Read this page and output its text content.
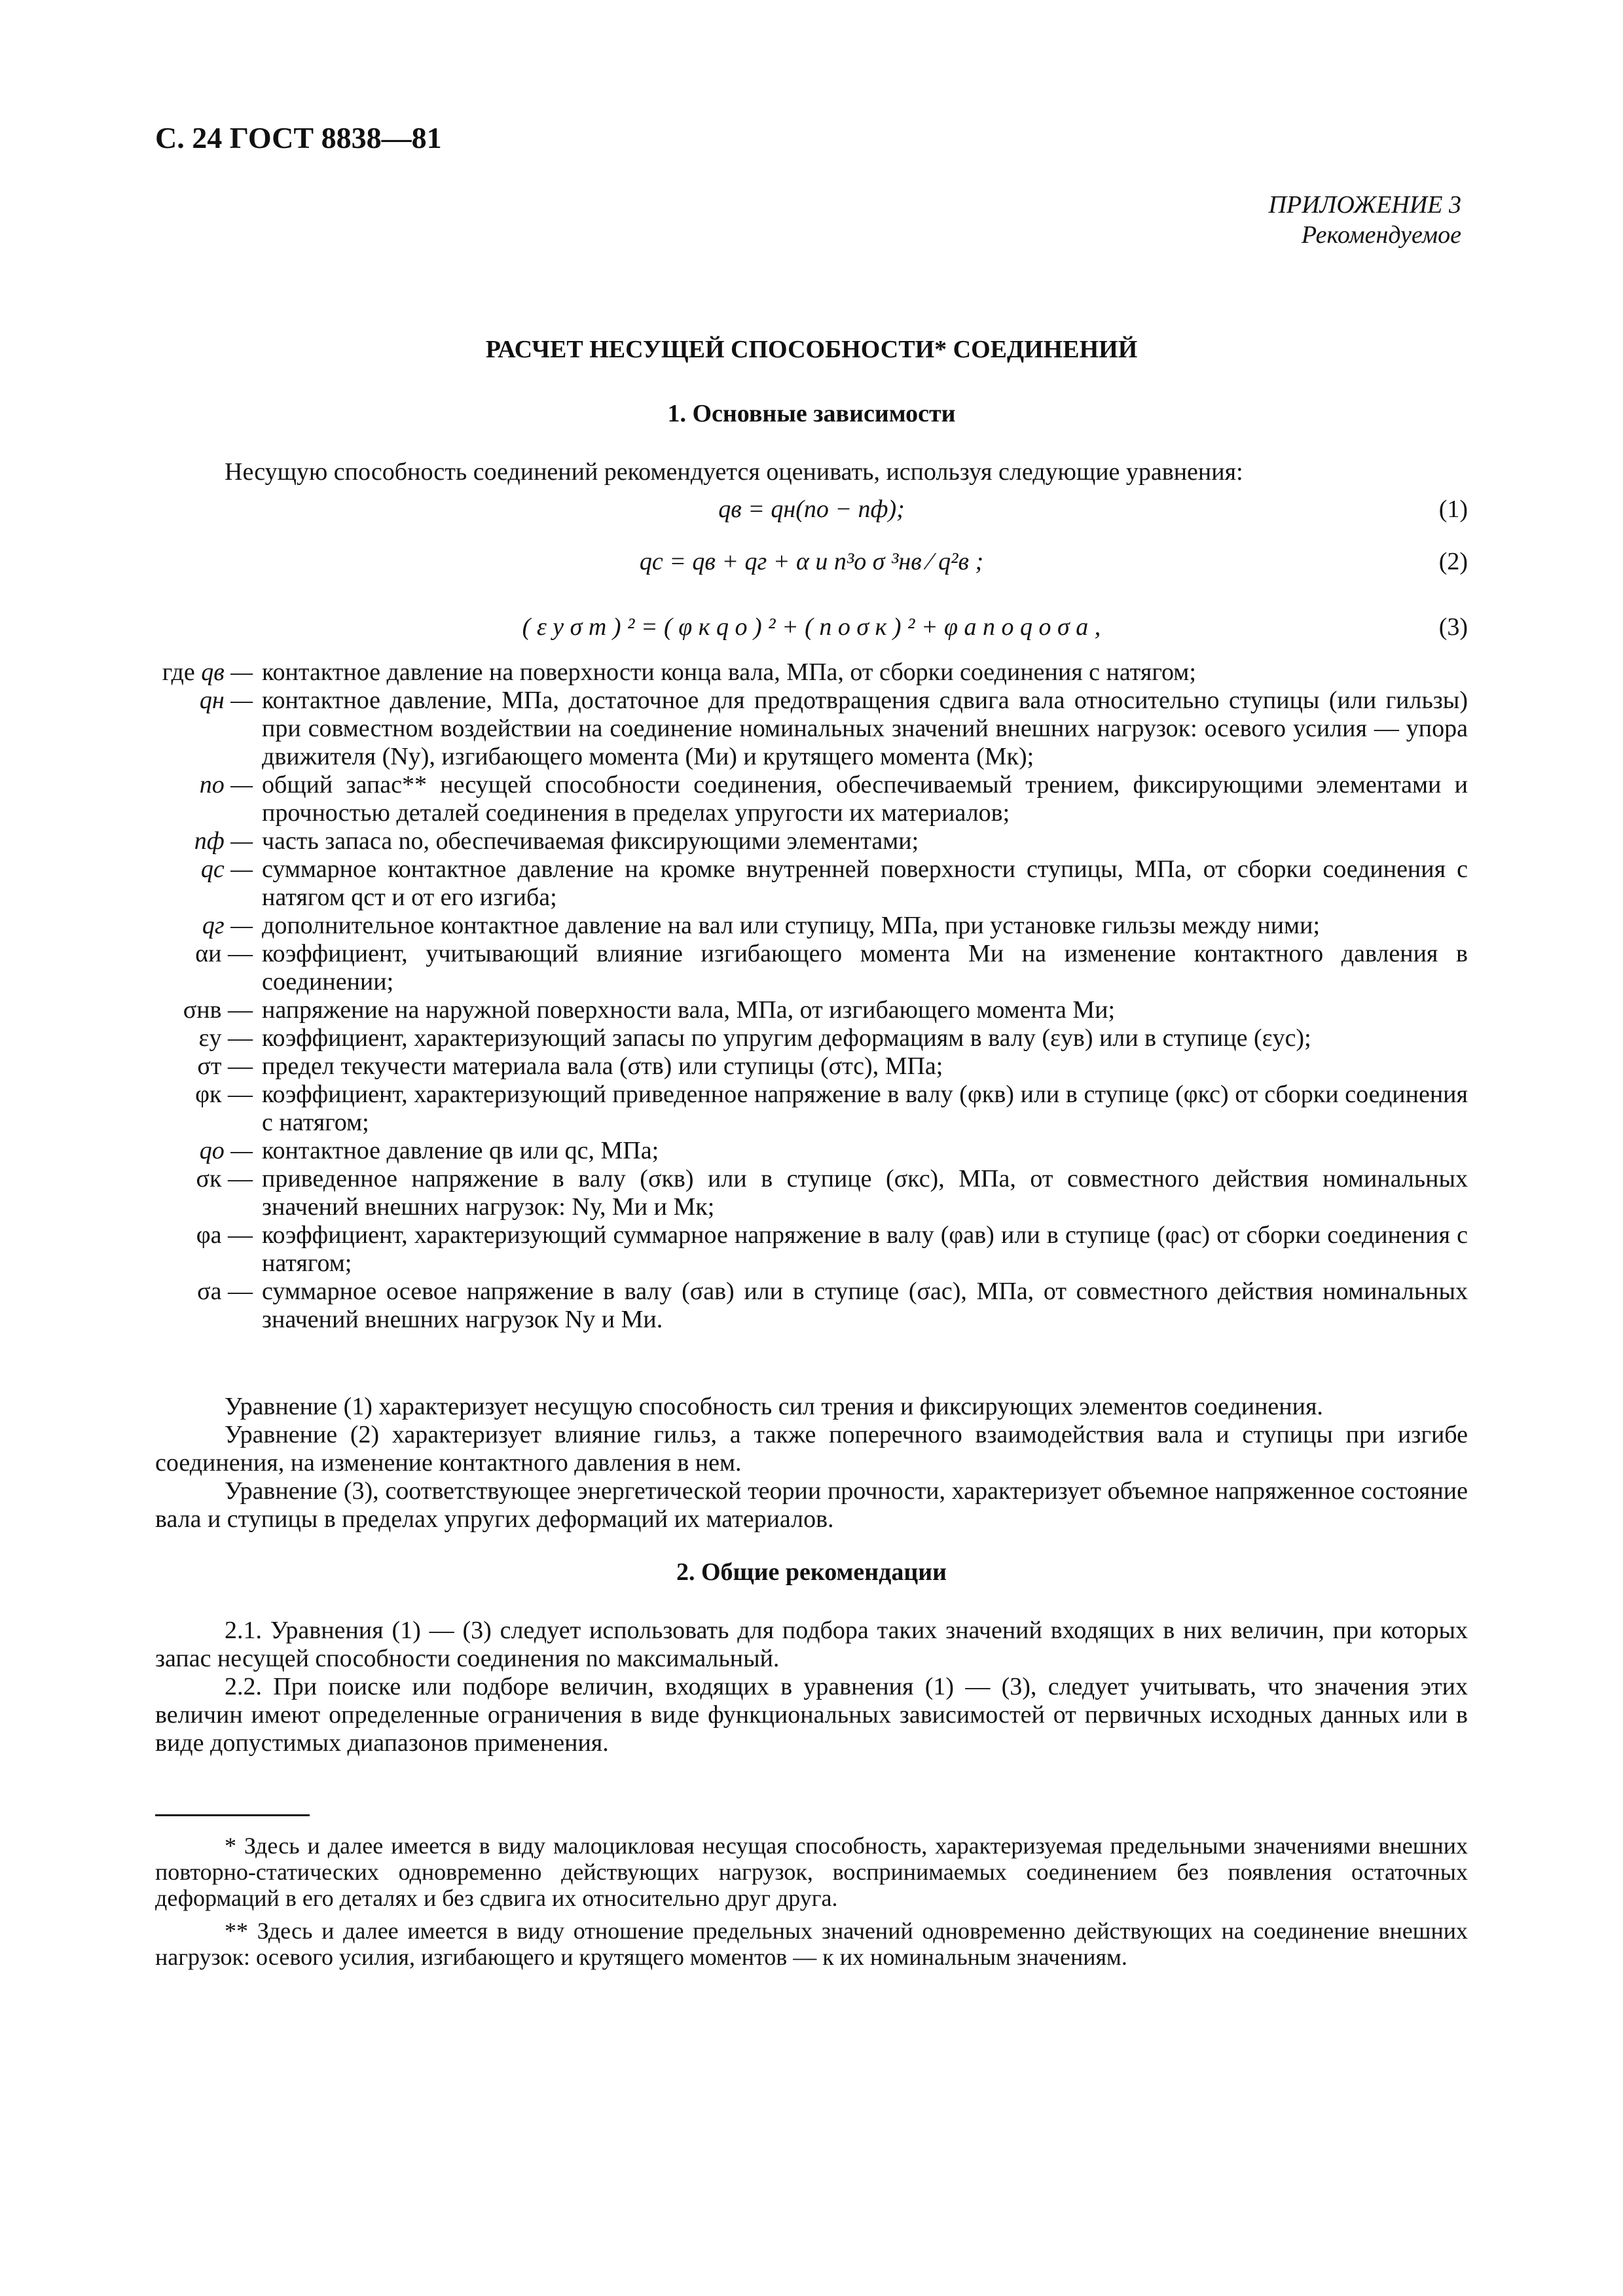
С. 24 ГОСТ 8838—81
ПРИЛОЖЕНИЕ 3
Рекомендуемое
РАСЧЕТ НЕСУЩЕЙ СПОСОБНОСТИ* СОЕДИНЕНИЙ
1. Основные зависимости
Несущую способность соединений рекомендуется оценивать, используя следующие уравнения:
qв = qн(nо − nф);	(1)
qс = qв + qг + α и n³о σ ³нв ⁄ q²в ;	(2)
( ε у σ т ) ² = ( φ к q о ) ² + ( n о σ к ) ² + φ а n о q о σ а ,	(3)
где qв — контактное давление на поверхности конца вала, МПа, от сборки соединения с натягом;
qн — контактное давление, МПа, достаточное для предотвращения сдвига вала относительно ступицы (или гильзы) при совместном воздействии на соединение номинальных значений внешних нагрузок: осевого усилия — упора движителя (Nу), изгибающего момента (Mи) и крутящего момента (Mк);
nо — общий запас** несущей способности соединения, обеспечиваемый трением, фиксирующими элементами и прочностью деталей соединения в пределах упругости их материалов;
nф — часть запаса nо, обеспечиваемая фиксирующими элементами;
qс — суммарное контактное давление на кромке внутренней поверхности ступицы, МПа, от сборки соединения с натягом qст и от его изгиба;
qг — дополнительное контактное давление на вал или ступицу, МПа, при установке гильзы между ними;
αи — коэффициент, учитывающий влияние изгибающего момента Mи на изменение контактного давления в соединении;
σнв — напряжение на наружной поверхности вала, МПа, от изгибающего момента Mи;
εу — коэффициент, характеризующий запасы по упругим деформациям в валу (εув) или в ступице (εус);
σт — предел текучести материала вала (σтв) или ступицы (σтс), МПа;
φк — коэффициент, характеризующий приведенное напряжение в валу (φкв) или в ступице (φкс) от сборки соединения с натягом;
qо — контактное давление qв или qс, МПа;
σк — приведенное напряжение в валу (σкв) или в ступице (σкс), МПа, от совместного действия номинальных значений внешних нагрузок: Nу, Mи и Mк;
φа — коэффициент, характеризующий суммарное напряжение в валу (φав) или в ступице (φас) от сборки соединения с натягом;
σа — суммарное осевое напряжение в валу (σав) или в ступице (σас), МПа, от совместного действия номинальных значений внешних нагрузок Nу и Mи.
Уравнение (1) характеризует несущую способность сил трения и фиксирующих элементов соединения.
Уравнение (2) характеризует влияние гильз, а также поперечного взаимодействия вала и ступицы при изгибе соединения, на изменение контактного давления в нем.
Уравнение (3), соответствующее энергетической теории прочности, характеризует объемное напряженное состояние вала и ступицы в пределах упругих деформаций их материалов.
2. Общие рекомендации
2.1. Уравнения (1) — (3) следует использовать для подбора таких значений входящих в них величин, при которых запас несущей способности соединения nо максимальный.
2.2. При поиске или подборе величин, входящих в уравнения (1) — (3), следует учитывать, что значения этих величин имеют определенные ограничения в виде функциональных зависимостей от первичных исходных данных или в виде допустимых диапазонов применения.
* Здесь и далее имеется в виду малоцикловая несущая способность, характеризуемая предельными значениями внешних повторно-статических одновременно действующих нагрузок, воспринимаемых соединением без появления остаточных деформаций в его деталях и без сдвига их относительно друг друга.
** Здесь и далее имеется в виду отношение предельных значений одновременно действующих на соединение внешних нагрузок: осевого усилия, изгибающего и крутящего моментов — к их номинальным значениям.
